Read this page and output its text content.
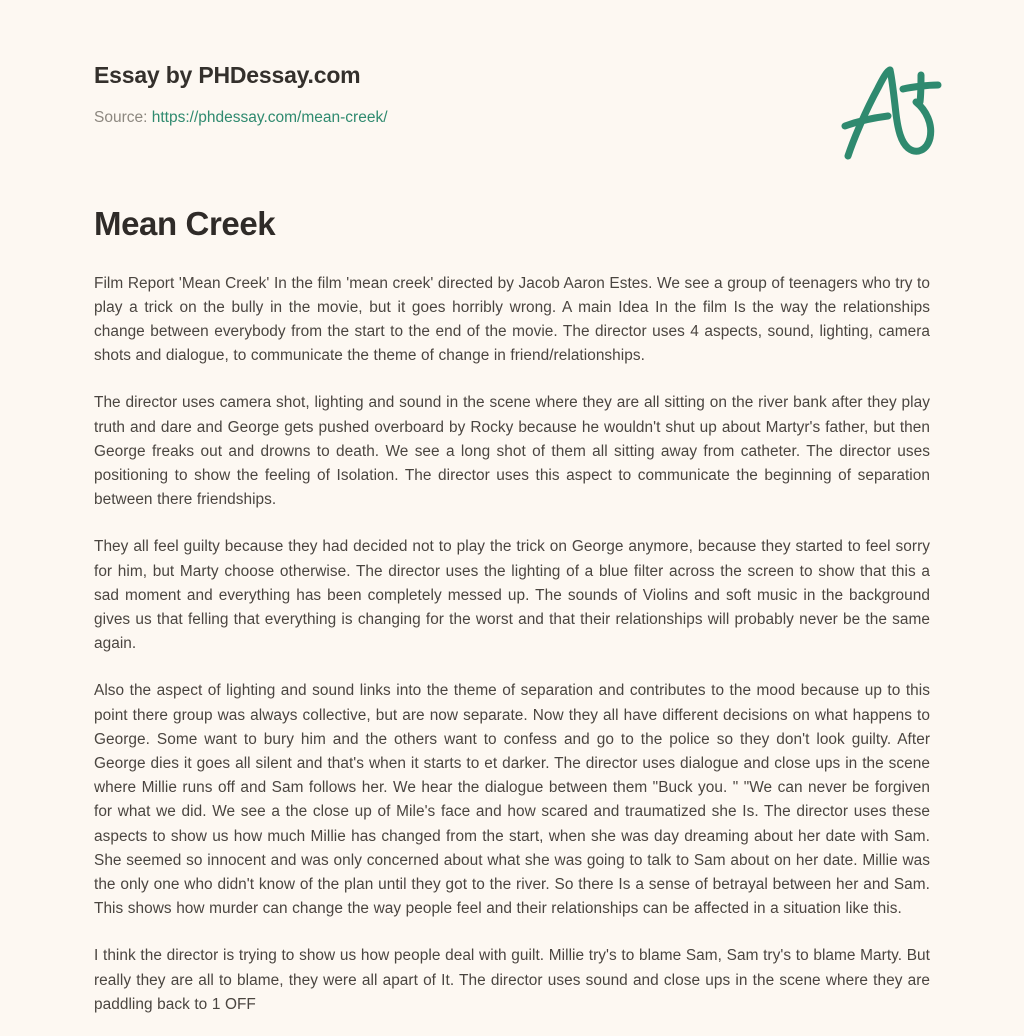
Essay by PHDessay.com
Source: https://phdessay.com/mean-creek/
Mean Creek

Film Report 'Mean Creek' In the film 'mean creek' directed by Jacob Aaron Estes. We see a group of teenagers who try to play a trick on the bully in the movie, but it goes horribly wrong. A main Idea In the film Is the way the relationships change between everybody from the start to the end of the movie. The director uses 4 aspects, sound, lighting, camera shots and dialogue, to communicate the theme of change in friend/relationships.

The director uses camera shot, lighting and sound in the scene where they are all sitting on the river bank after they play truth and dare and George gets pushed overboard by Rocky because he wouldn't shut up about Martyr's father, but then George freaks out and drowns to death. We see a long shot of them all sitting away from catheter. The director uses positioning to show the feeling of Isolation. The director uses this aspect to communicate the beginning of separation between there friendships.

They all feel guilty because they had decided not to play the trick on George anymore, because they started to feel sorry for him, but Marty choose otherwise. The director uses the lighting of a blue filter across the screen to show that this a sad moment and everything has been completely messed up. The sounds of Violins and soft music in the background gives us that felling that everything is changing for the worst and that their relationships will probably never be the same again.

Also the aspect of lighting and sound links into the theme of separation and contributes to the mood because up to this point there group was always collective, but are now separate. Now they all have different decisions on what happens to George. Some want to bury him and the others want to confess and go to the police so they don't look guilty. After George dies it goes all silent and that's when it starts to et darker. The director uses dialogue and close ups in the scene where Millie runs off and Sam follows her. We hear the dialogue between them "Buck you. " "We can never be forgiven for what we did. We see a the close up of Mile's face and how scared and traumatized she Is. The director uses these aspects to show us how much Millie has changed from the start, when she was day dreaming about her date with Sam. She seemed so innocent and was only concerned about what she was going to talk to Sam about on her date. Millie was the only one who didn't know of the plan until they got to the river. So there Is a sense of betrayal between her and Sam. This shows how murder can change the way people feel and their relationships can be affected in a situation like this.

I think the director is trying to show us how people deal with guilt. Millie try's to blame Sam, Sam try's to blame Marty. But really they are all to blame, they were all apart of It. The director uses sound and close ups in the scene where they are paddling back to 1 OFF
